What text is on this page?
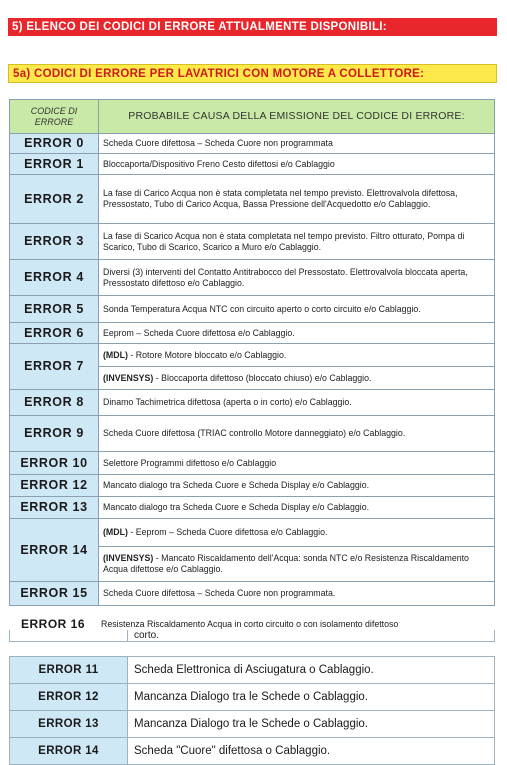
5) ELENCO DEI CODICI DI ERRORE ATTUALMENTE DISPONIBILI:
5a) CODICI DI ERRORE PER LAVATRICI CON MOTORE A COLLETTORE:
CODICE DI ERRORE	PROBABILE CAUSA DELLA EMISSIONE DEL CODICE DI ERRORE:
ERROR 0	Scheda Cuore difettosa – Scheda Cuore non programmata
ERROR 1	Bloccaporta/Dispositivo Freno Cesto difettosi e/o Cablaggio
ERROR 2	La fase di Carico Acqua non è stata completata nel tempo previsto. Elettrovalvola difettosa, Pressostato, Tubo di Carico Acqua, Bassa Pressione dell'Acquedotto e/o Cablaggio.
ERROR 3	La fase di Scarico Acqua non è stata completata nel tempo previsto. Filtro otturato, Pompa di Scarico, Tubo di Scarico, Scarico a Muro e/o Cablaggio.
ERROR 4	Diversi (3) interventi del Contatto Antitrabocco del Pressostato. Elettrovalvola bloccata aperta, Pressostato difettoso e/o Cablaggio.
ERROR 5	Sonda Temperatura Acqua NTC con circuito aperto o corto circuito e/o Cablaggio.
ERROR 6	Eeprom – Scheda Cuore difettosa e/o Cablaggio.
ERROR 7	(MDL) - Rotore Motore bloccato e/o Cablaggio.
	(INVENSYS) - Bloccaporta difettoso (bloccato chiuso) e/o Cablaggio.
ERROR 8	Dinamo Tachimetrica difettosa (aperta o in corto) e/o Cablaggio.
ERROR 9	Scheda Cuore difettosa (TRIAC controllo Motore danneggiato) e/o Cablaggio.
ERROR 10	Selettore Programmi difettoso e/o Cablaggio
ERROR 12	Mancato dialogo tra Scheda Cuore e Scheda Display e/o Cablaggio.
ERROR 13	Mancato dialogo tra Scheda Cuore e Scheda Display e/o Cablaggio.
ERROR 14	(MDL) - Eeprom – Scheda Cuore difettosa e/o Cablaggio.
	(INVENSYS) - Mancato Riscaldamento dell'Acqua: sonda NTC e/o Resistenza Riscaldamento Acqua difettose e/o Cablaggio.
ERROR 15	Scheda Cuore difettosa – Scheda Cuore non programmata.
ERROR 16	Resistenza Riscaldamento Acqua in corto circuito o con isolamento difettoso
	corto.

ERROR 11	Scheda Elettronica di Asciugatura o Cablaggio.
ERROR 12	Mancanza Dialogo tra le Schede o Cablaggio.
ERROR 13	Mancanza Dialogo tra le Schede o Cablaggio.
ERROR 14	Scheda "Cuore" difettosa o Cablaggio.
